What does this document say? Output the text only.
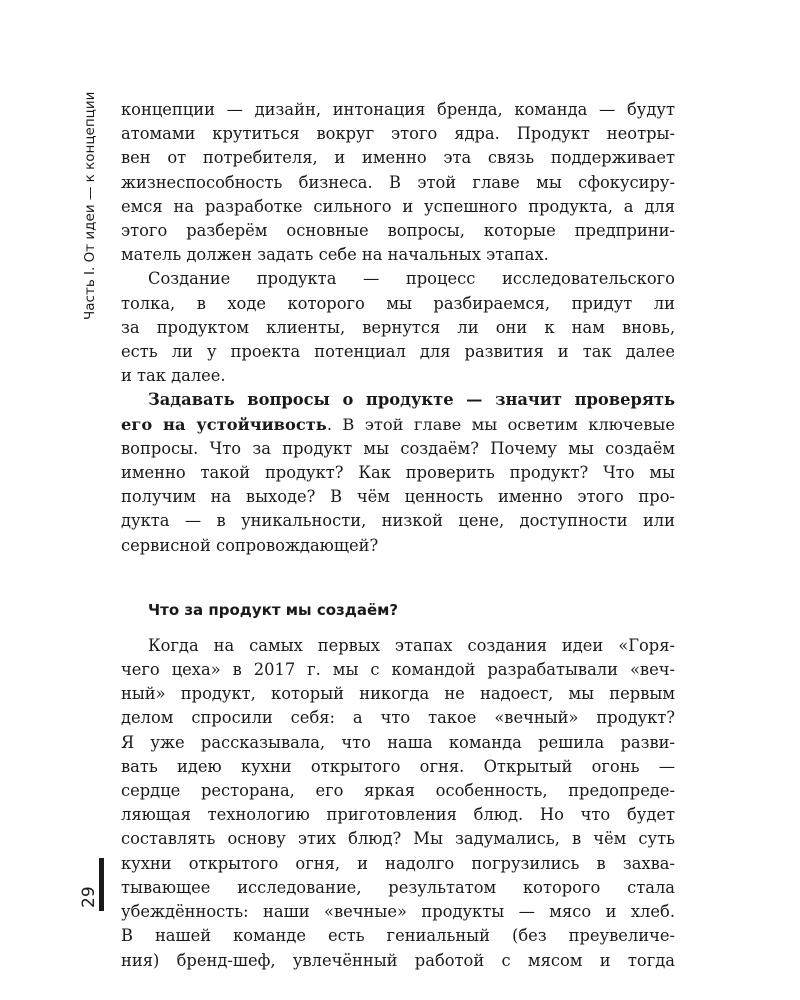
Часть I. От идеи — к концепции
29

концепции — дизайн, интонация бренда, команда — будут
атомами крутиться вокруг этого ядра. Продукт неотры-
вен от потребителя, и именно эта связь поддерживает
жизнеспособность бизнеса. В этой главе мы сфокусиру-
емся на разработке сильного и успешного продукта, а для
этого разберём основные вопросы, которые предприни-
матель должен задать себе на начальных этапах.

Создание продукта — процесс исследовательского
толка, в ходе которого мы разбираемся, придут ли
за продуктом клиенты, вернутся ли они к нам вновь,
есть ли у проекта потенциал для развития и так далее
и так далее.

Задавать вопросы о продукте — значит проверять
его на устойчивость. В этой главе мы осветим ключевые
вопросы. Что за продукт мы создаём? Почему мы создаём
именно такой продукт? Как проверить продукт? Что мы
получим на выходе? В чём ценность именно этого про-
дукта — в уникальности, низкой цене, доступности или
сервисной сопровождающей?

Что за продукт мы создаём?

Когда на самых первых этапах создания идеи «Горя-
чего цеха» в 2017 г. мы с командой разрабатывали «веч-
ный» продукт, который никогда не надоест, мы первым
делом спросили себя: а что такое «вечный» продукт?
Я уже рассказывала, что наша команда решила разви-
вать идею кухни открытого огня. Открытый огонь —
сердце ресторана, его яркая особенность, предопреде-
ляющая технологию приготовления блюд. Но что будет
составлять основу этих блюд? Мы задумались, в чём суть
кухни открытого огня, и надолго погрузились в захва-
тывающее исследование, результатом которого стала
убеждённость: наши «вечные» продукты — мясо и хлеб.
В нашей команде есть гениальный (без преувеличе-
ния) бренд-шеф, увлечённый работой с мясом и тогда
